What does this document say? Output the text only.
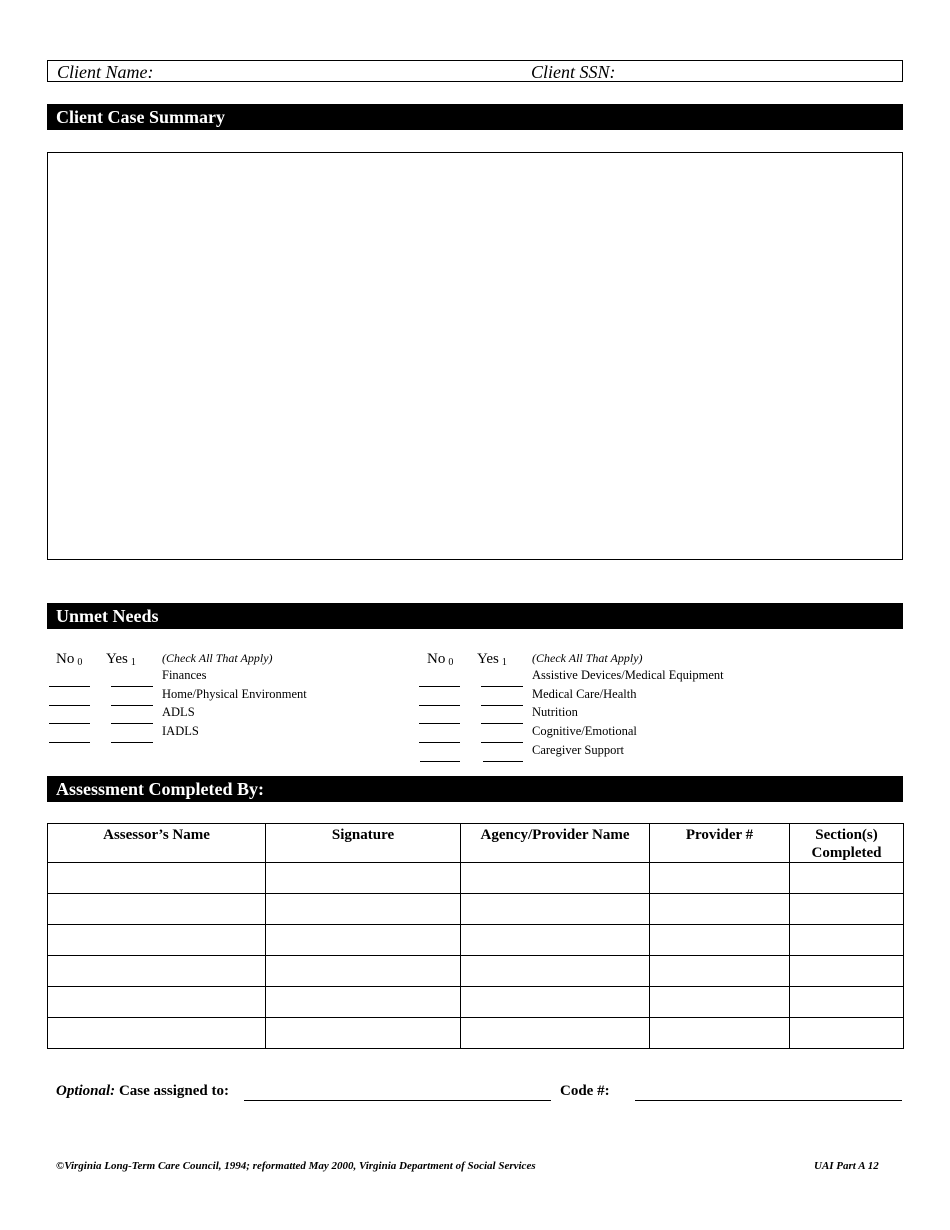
Client Name:	Client SSN:
Client Case Summary
Unmet Needs
No $_0$ Yes $_1$ (Check All That Apply)
Finances
Home/Physical Environment
ADLS
IADLS
No $_0$ Yes $_1$ (Check All That Apply)
Assistive Devices/Medical Equipment
Medical Care/Health
Nutrition
Cognitive/Emotional
Caregiver Support
Assessment Completed By:
Assessor’s Name	Signature	Agency/Provider Name	Provider #	Section(s) Completed

Optional: Case assigned to:	Code #:
©Virginia Long-Term Care Council, 1994; reformatted May 2000, Virginia Department of Social Services	UAI Part A 12
